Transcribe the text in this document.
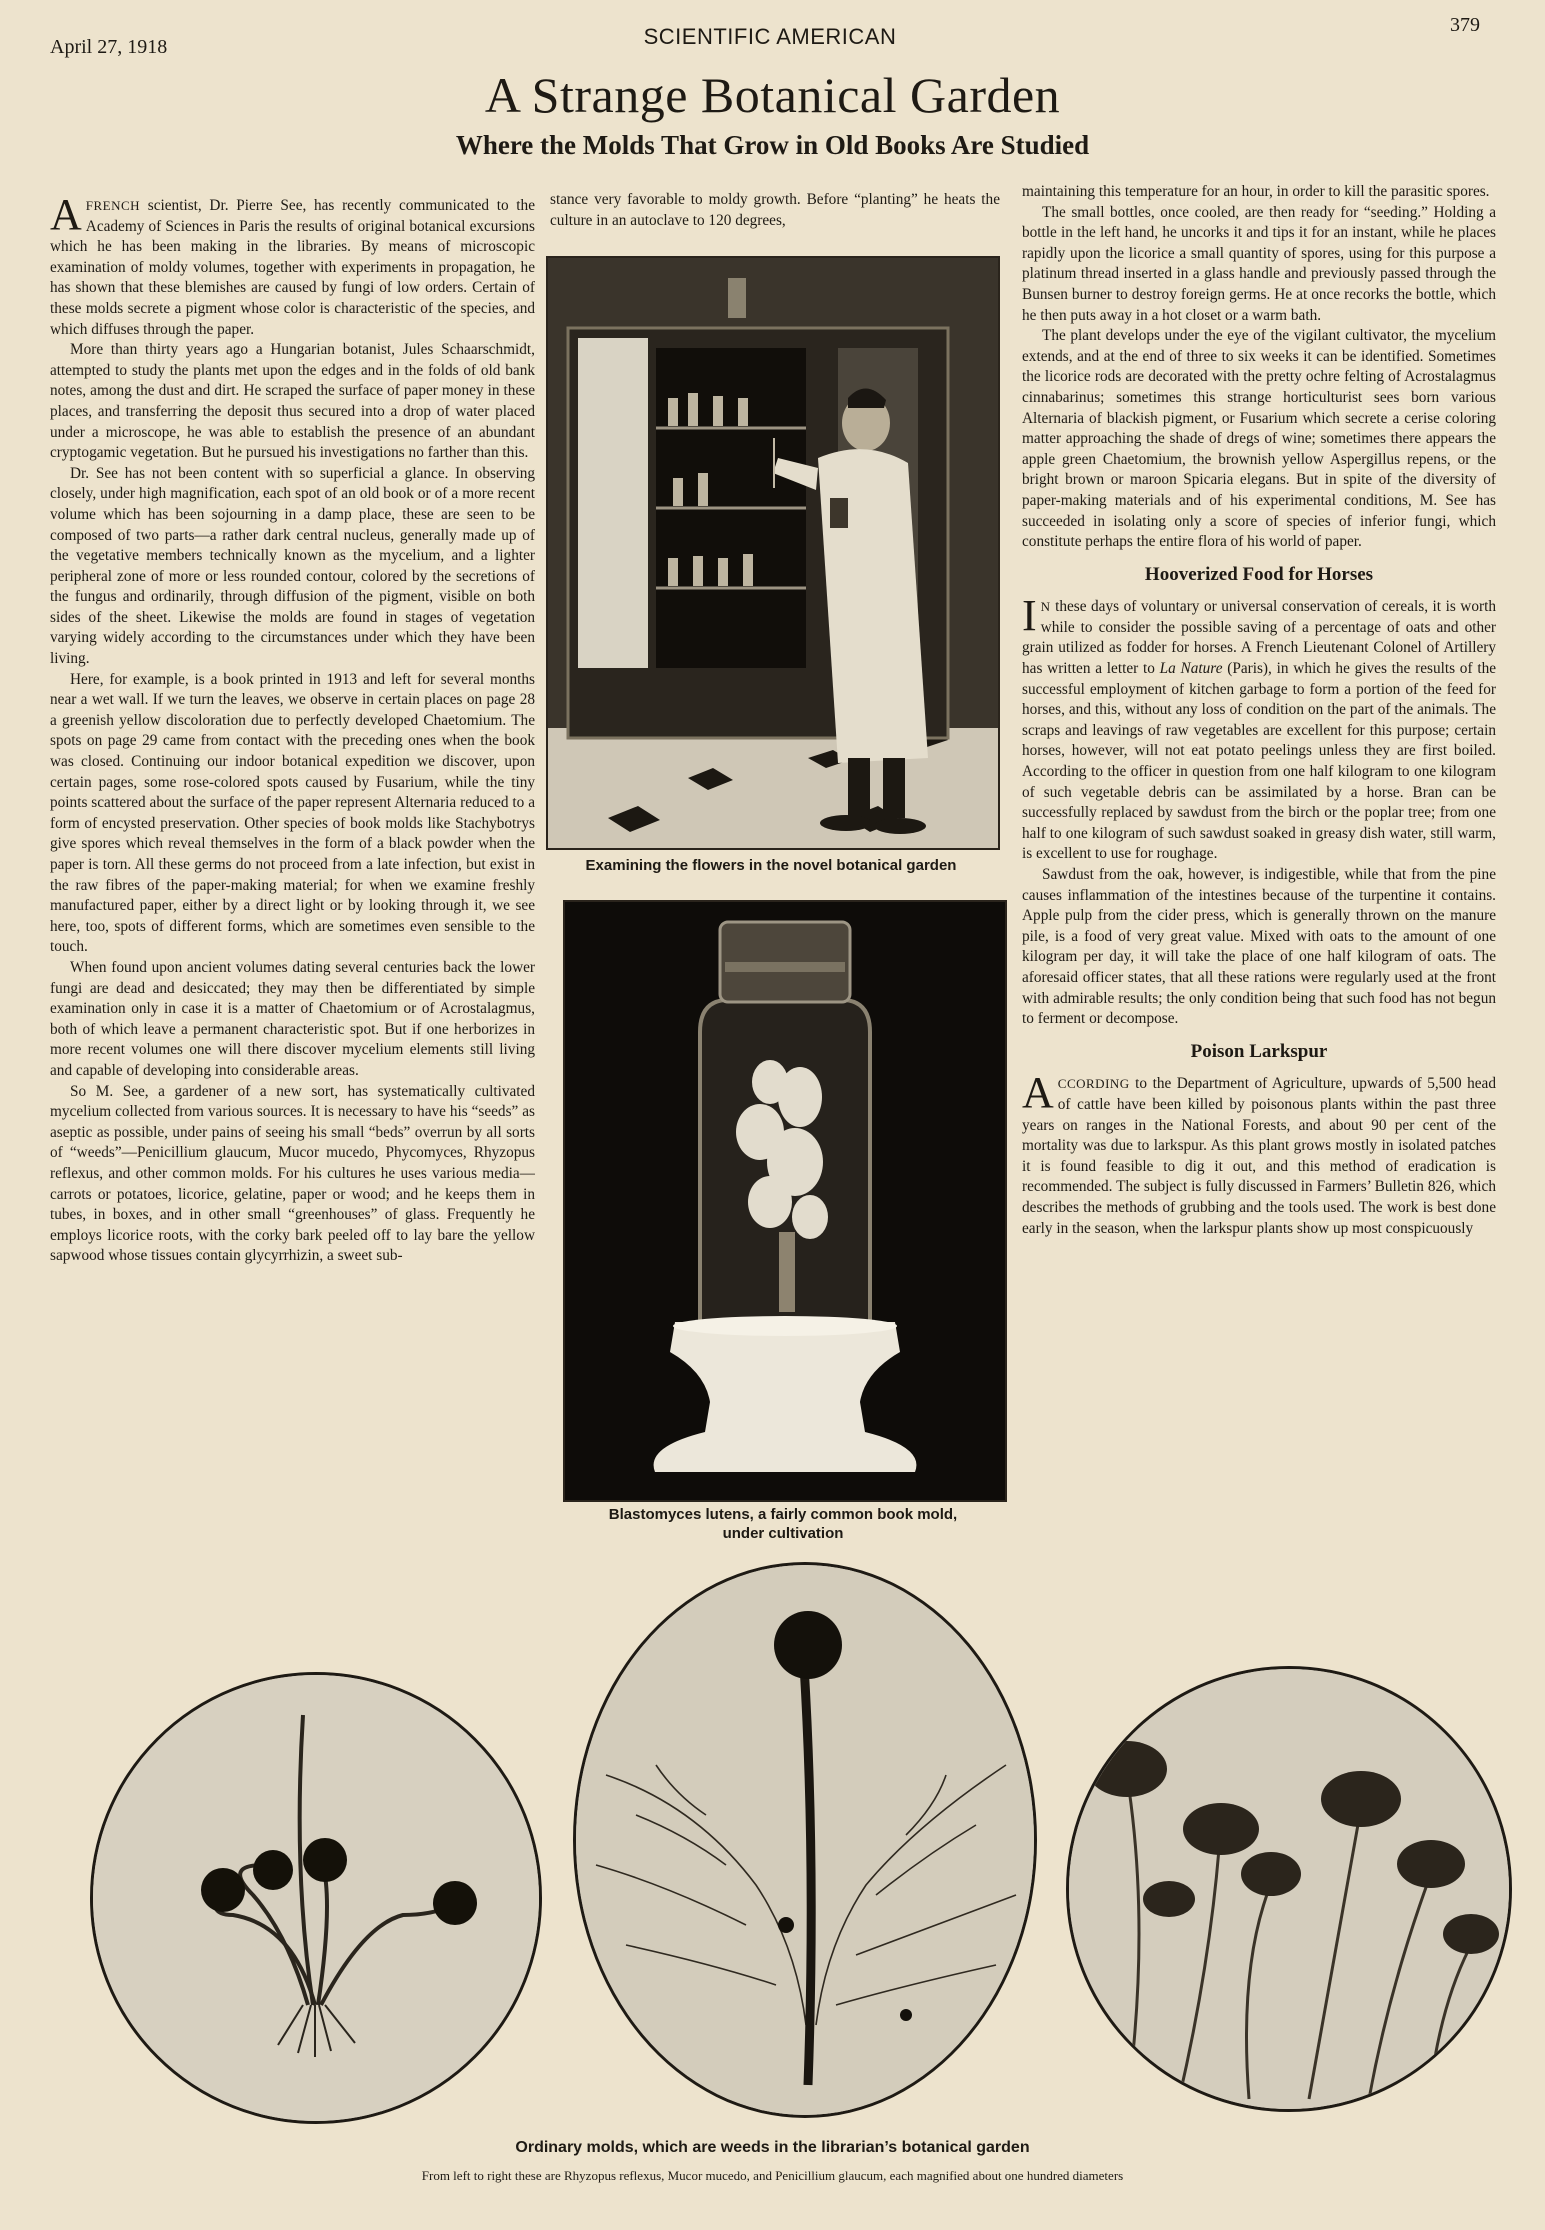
April 27, 1918	SCIENTIFIC AMERICAN	379
A Strange Botanical Garden
Where the Molds That Grow in Old Books Are Studied

AFRENCH scientist, Dr. Pierre See, has recently communicated to the Academy of Sciences in Paris the results of original botanical excursions which he has been making in the libraries. By means of microscopic examination of moldy volumes, together with experiments in propagation, he has shown that these blemishes are caused by fungi of low orders. Certain of these molds secrete a pigment whose color is characteristic of the species, and which diffuses through the paper.

More than thirty years ago a Hungarian botanist, Jules Schaarschmidt, attempted to study the plants met upon the edges and in the folds of old bank notes, among the dust and dirt. He scraped the surface of paper money in these places, and transferring the deposit thus secured into a drop of water placed under a microscope, he was able to establish the presence of an abundant cryptogamic vegetation. But he pursued his investigations no farther than this.

Dr. See has not been content with so superficial a glance. In observing closely, under high magnification, each spot of an old book or of a more recent volume which has been sojourning in a damp place, these are seen to be composed of two parts—a rather dark central nucleus, generally made up of the vegetative members technically known as the mycelium, and a lighter peripheral zone of more or less rounded contour, colored by the secretions of the fungus and ordinarily, through diffusion of the pigment, visible on both sides of the sheet. Likewise the molds are found in stages of vegetation varying widely according to the circumstances under which they have been living.

Here, for example, is a book printed in 1913 and left for several months near a wet wall. If we turn the leaves, we observe in certain places on page 28 a greenish yellow discoloration due to perfectly developed Chaetomium. The spots on page 29 came from contact with the preceding ones when the book was closed. Continuing our indoor botanical expedition we discover, upon certain pages, some rose-colored spots caused by Fusarium, while the tiny points scattered about the surface of the paper represent Alternaria reduced to a form of encysted preservation. Other species of book molds like Stachybotrys give spores which reveal themselves in the form of a black powder when the paper is torn. All these germs do not proceed from a late infection, but exist in the raw fibres of the paper-making material; for when we examine freshly manufactured paper, either by a direct light or by looking through it, we see here, too, spots of different forms, which are sometimes even sensible to the touch.

When found upon ancient volumes dating several centuries back the lower fungi are dead and desiccated; they may then be differentiated by simple examination only in case it is a matter of Chaetomium or of Acrostalagmus, both of which leave a permanent characteristic spot. But if one herborizes in more recent volumes one will there discover mycelium elements still living and capable of developing into considerable areas.

So M. See, a gardener of a new sort, has systematically cultivated mycelium collected from various sources. It is necessary to have his “seeds” as aseptic as possible, under pains of seeing his small “beds” overrun by all sorts of “weeds”—Penicillium glaucum, Mucor mucedo, Phycomyces, Rhyzopus reflexus, and other common molds. For his cultures he uses various media—carrots or potatoes, licorice, gelatine, paper or wood; and he keeps them in tubes, in boxes, and in other small “greenhouses” of glass. Frequently he employs licorice roots, with the corky bark peeled off to lay bare the yellow sapwood whose tissues contain glycyrrhizin, a sweet sub-

stance very favorable to moldy growth. Before “planting” he heats the culture in an autoclave to 120 degrees,

Examining the flowers in the novel botanical garden
Blastomyces lutens, a fairly common book mold,
under cultivation

maintaining this temperature for an hour, in order to kill the parasitic spores.

The small bottles, once cooled, are then ready for “seeding.” Holding a bottle in the left hand, he uncorks it and tips it for an instant, while he places rapidly upon the licorice a small quantity of spores, using for this purpose a platinum thread inserted in a glass handle and previously passed through the Bunsen burner to destroy foreign germs. He at once recorks the bottle, which he then puts away in a hot closet or a warm bath.

The plant develops under the eye of the vigilant cultivator, the mycelium extends, and at the end of three to six weeks it can be identified. Sometimes the licorice rods are decorated with the pretty ochre felting of Acrostalagmus cinnabarinus; sometimes this strange horticulturist sees born various Alternaria of blackish pigment, or Fusarium which secrete a cerise coloring matter approaching the shade of dregs of wine; sometimes there appears the apple green Chaetomium, the brownish yellow Aspergillus repens, or the bright brown or maroon Spicaria elegans. But in spite of the diversity of paper-making materials and of his experimental conditions, M. See has succeeded in isolating only a score of species of inferior fungi, which constitute perhaps the entire flora of his world of paper.

Hooverized Food for Horses

I N these days of voluntary or universal conservation of cereals, it is worth while to consider the possible saving of a percentage of oats and other grain utilized as fodder for horses. A French Lieutenant Colonel of Artillery has written a letter to La Nature (Paris), in which he gives the results of the successful employment of kitchen garbage to form a portion of the feed for horses, and this, without any loss of condition on the part of the animals. The scraps and leavings of raw vegetables are excellent for this purpose; certain horses, however, will not eat potato peelings unless they are first boiled. According to the officer in question from one half kilogram to one kilogram of such vegetable debris can be assimilated by a horse. Bran can be successfully replaced by sawdust from the birch or the poplar tree; from one half to one kilogram of such sawdust soaked in greasy dish water, still warm, is excellent to use for roughage.

Sawdust from the oak, however, is indigestible, while that from the pine causes inflammation of the intestines because of the turpentine it contains. Apple pulp from the cider press, which is generally thrown on the manure pile, is a food of very great value. Mixed with oats to the amount of one kilogram per day, it will take the place of one half kilogram of oats. The aforesaid officer states, that all these rations were regularly used at the front with admirable results; the only condition being that such food has not begun to ferment or decompose.

Poison Larkspur

ACCORDING to the Department of Agriculture, upwards of 5,500 head of cattle have been killed by poisonous plants within the past three years on ranges in the National Forests, and about 90 per cent of the mortality was due to larkspur. As this plant grows mostly in isolated patches it is found feasible to dig it out, and this method of eradication is recommended. The subject is fully discussed in Farmers’ Bulletin 826, which describes the methods of grubbing and the tools used. The work is best done early in the season, when the larkspur plants show up most conspicuously

Ordinary molds, which are weeds in the librarian’s botanical garden
From left to right these are Rhyzopus reflexus, Mucor mucedo, and Penicillium glaucum, each magnified about one hundred diameters
